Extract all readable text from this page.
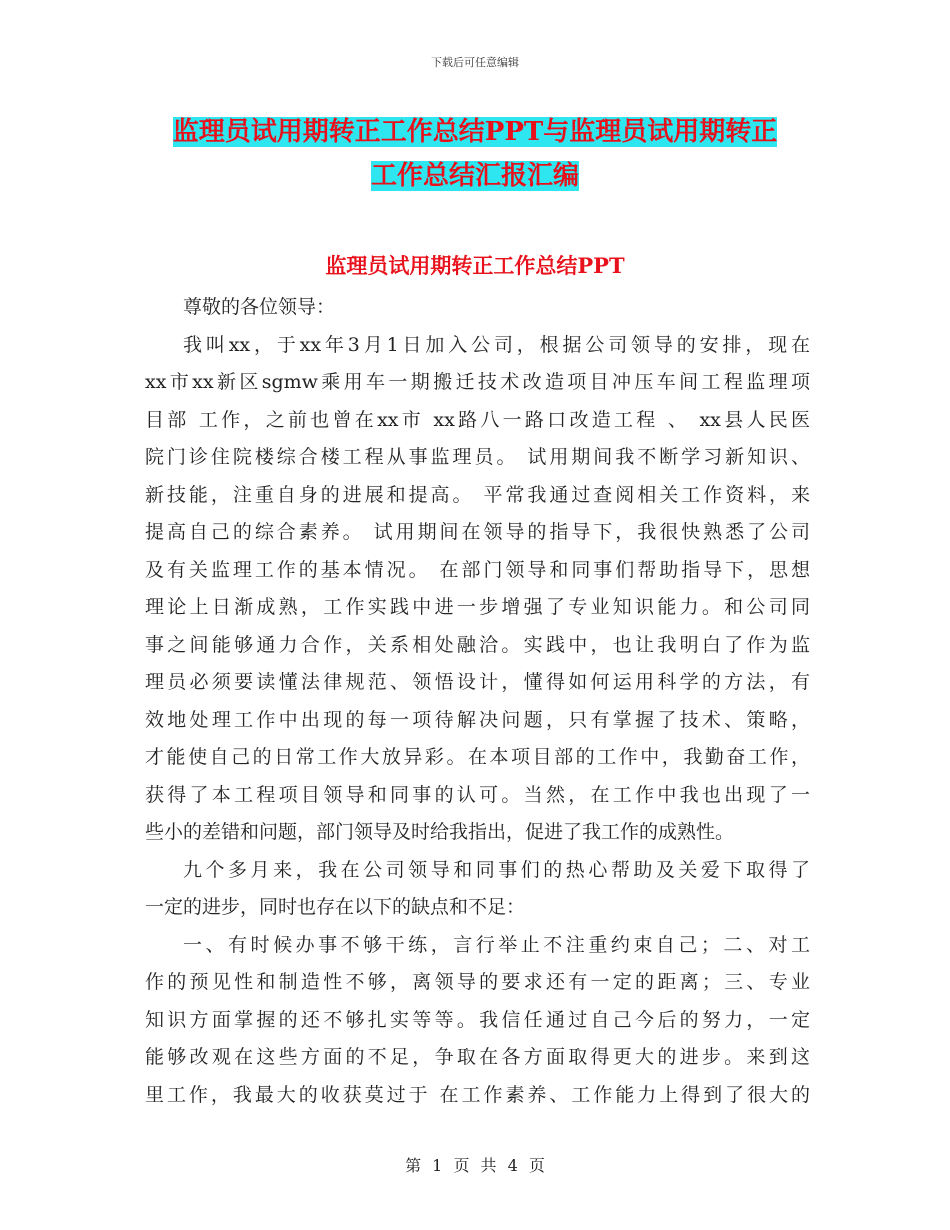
下载后可任意编辑
监理员试用期转正工作总结PPT与监理员试用期转正
工作总结汇报汇编
监理员试用期转正工作总结PPT
尊敬的各位领导：
我叫xx，于xx年3月1日加入公司，根据公司领导的安排，现在
xx市xx新区sgmw乘用车一期搬迁技术改造项目冲压车间工程监理项
目部 工作，之前也曾在xx市 xx路八一路口改造工程 、 xx县人民医
院门诊住院楼综合楼工程从事监理员。 试用期间我不断学习新知识、
新技能，注重自身的进展和提高。 平常我通过查阅相关工作资料，来
提高自己的综合素养。 试用期间在领导的指导下，我很快熟悉了公司
及有关监理工作的基本情况。 在部门领导和同事们帮助指导下，思想
理论上日渐成熟，工作实践中进一步增强了专业知识能力。和公司同
事之间能够通力合作，关系相处融洽。实践中，也让我明白了作为监
理员必须要读懂法律规范、领悟设计，懂得如何运用科学的方法，有
效地处理工作中出现的每一项待解决问题，只有掌握了技术、策略，
才能使自己的日常工作大放异彩。在本项目部的工作中，我勤奋工作，
获得了本工程项目领导和同事的认可。当然，在工作中我也出现了一
些小的差错和问题，部门领导及时给我指出，促进了我工作的成熟性。
九个多月来，我在公司领导和同事们的热心帮助及关爱下取得了
一定的进步，同时也存在以下的缺点和不足：
一、有时候办事不够干练，言行举止不注重约束自己；二、对工
作的预见性和制造性不够，离领导的要求还有一定的距离；三、专业
知识方面掌握的还不够扎实等等。我信任通过自己今后的努力，一定
能够改观在这些方面的不足，争取在各方面取得更大的进步。来到这
里工作，我最大的收获莫过于 在工作素养、工作能力上得到了很大的
第 1 页 共 4 页
